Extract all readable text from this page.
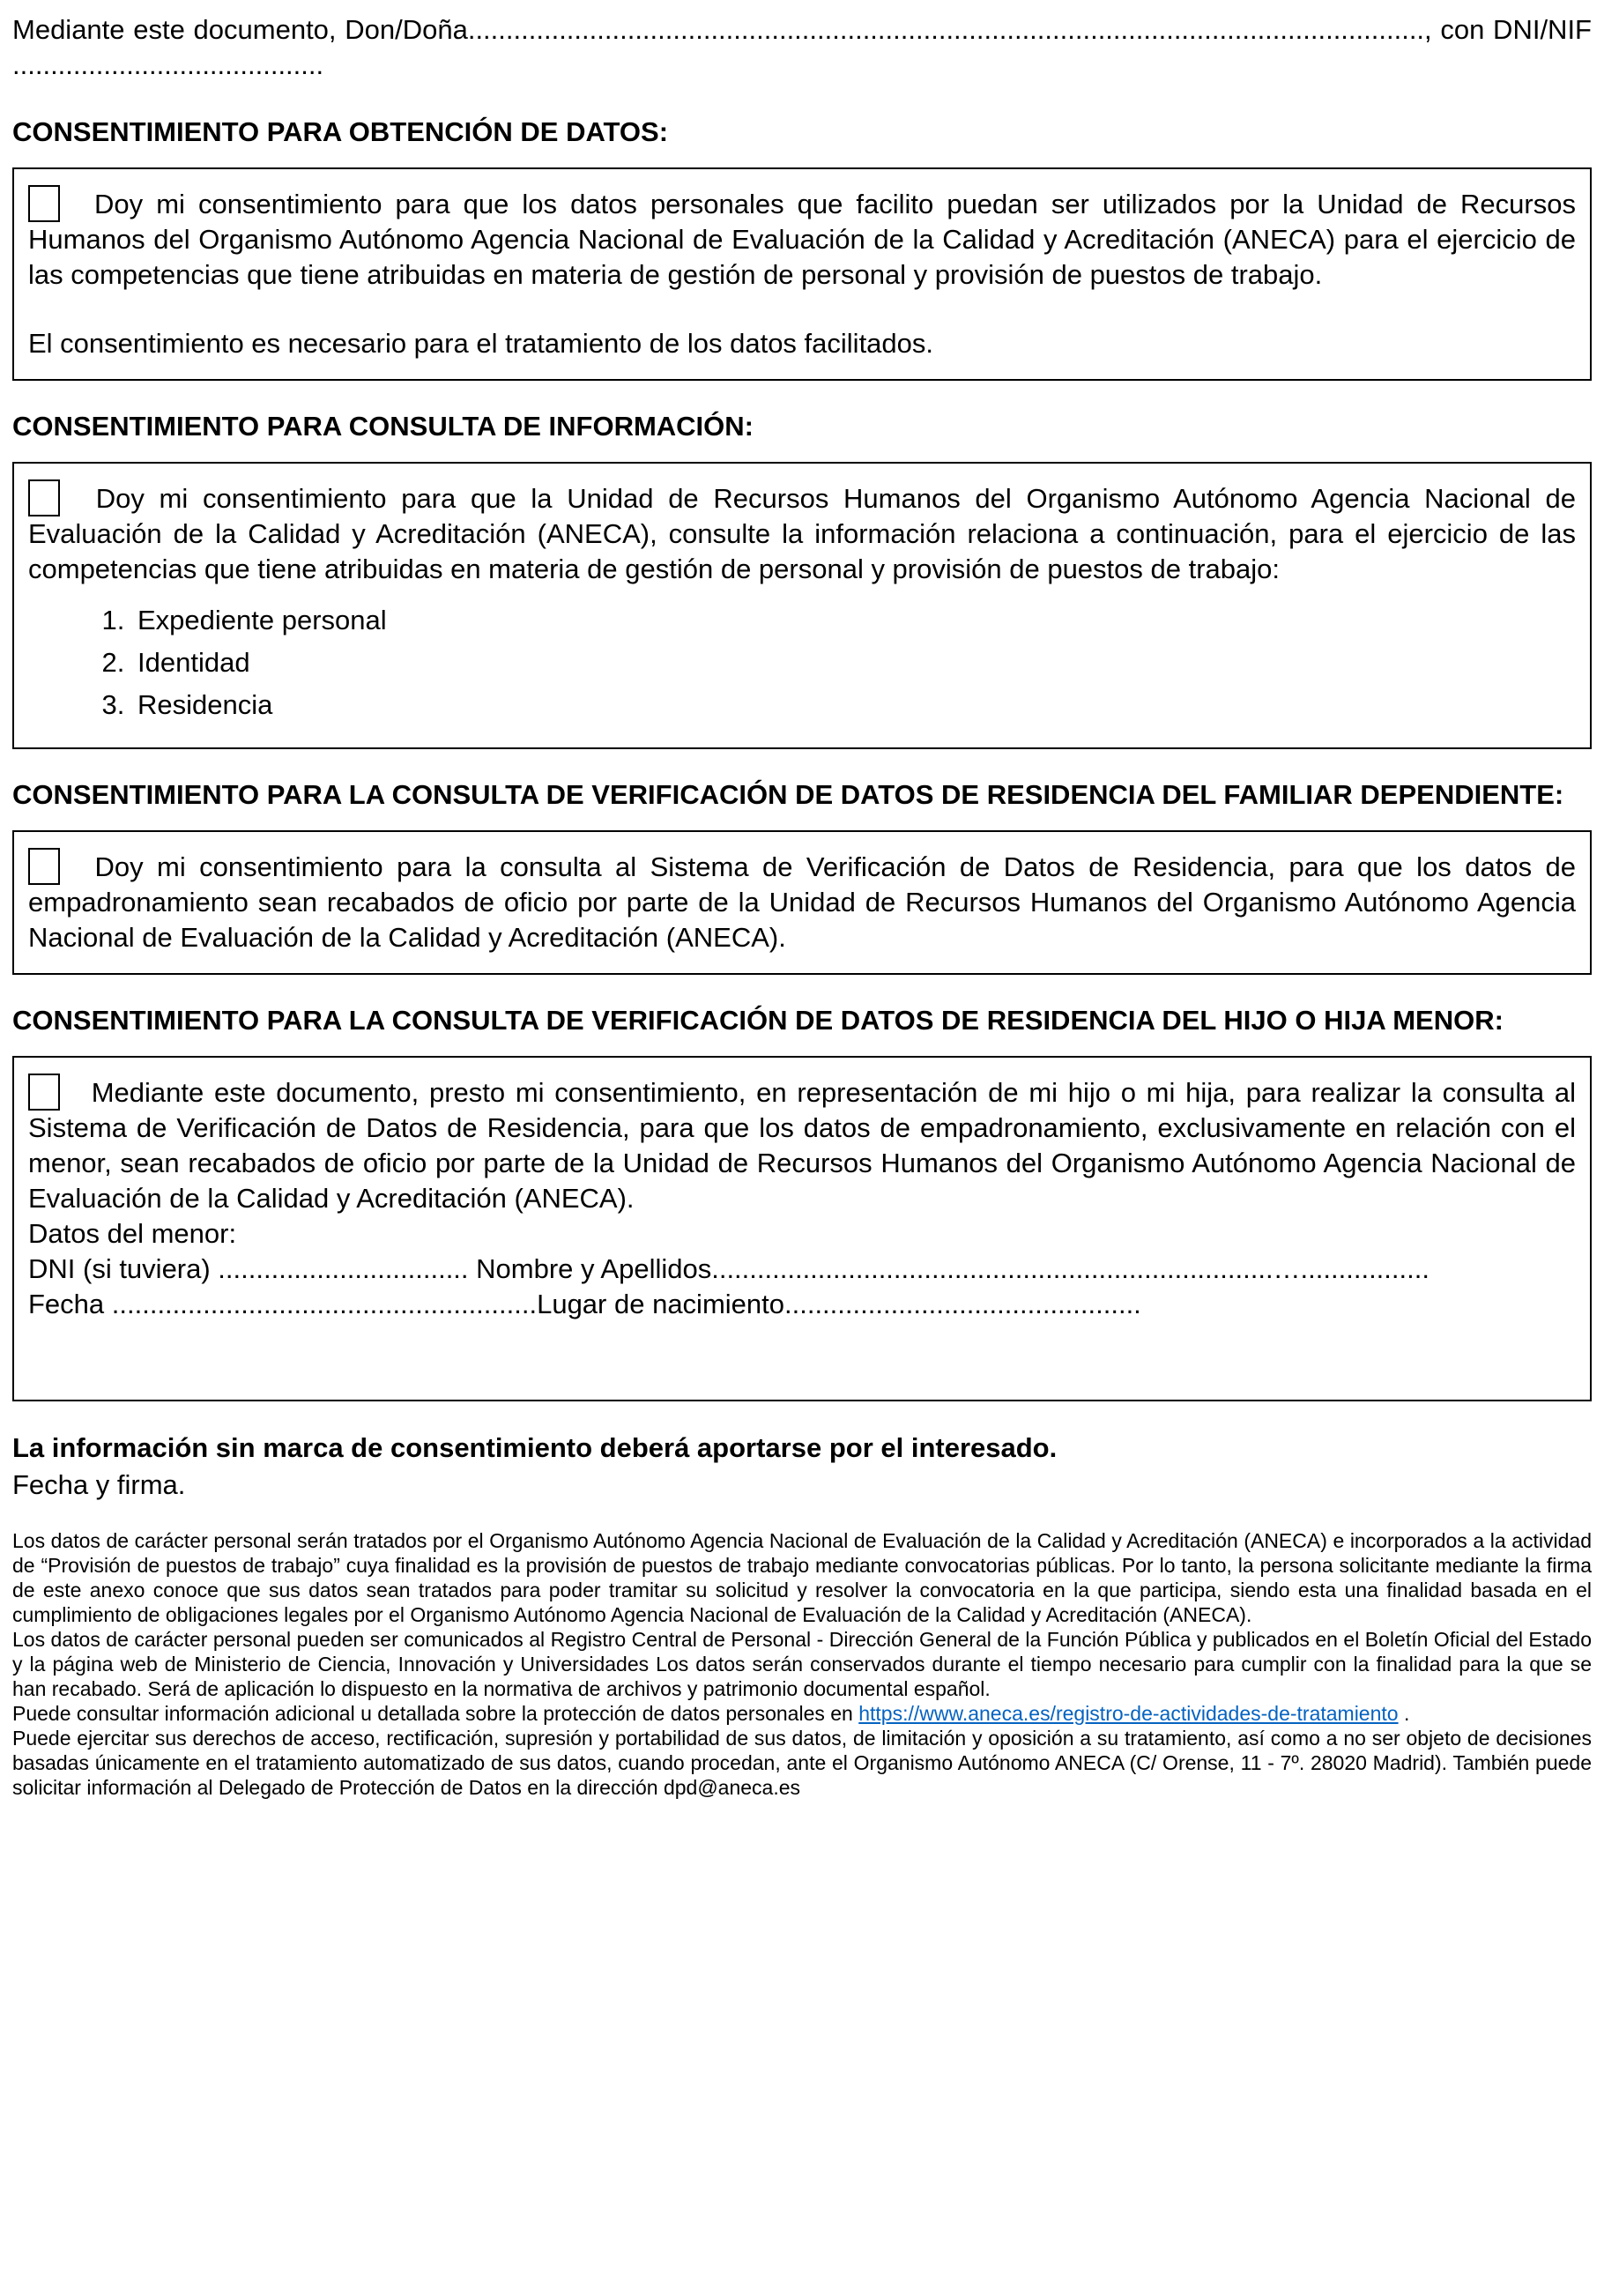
Mediante este documento, Don/Doña.............................................................................................................................., con DNI/NIF
.........................................

CONSENTIMIENTO PARA OBTENCIÓN DE DATOS:

Doy mi consentimiento para que los datos personales que facilito puedan ser utilizados por la Unidad de Recursos Humanos del Organismo Autónomo Agencia Nacional de Evaluación de la Calidad y Acreditación (ANECA) para el ejercicio de las competencias que tiene atribuidas en materia de gestión de personal y provisión de puestos de trabajo.

El consentimiento es necesario para el tratamiento de los datos facilitados.

CONSENTIMIENTO PARA CONSULTA DE INFORMACIÓN:

Doy mi consentimiento para que la Unidad de Recursos Humanos del Organismo Autónomo Agencia Nacional de Evaluación de la Calidad y Acreditación (ANECA), consulte la información relaciona a continuación, para el ejercicio de las competencias que tiene atribuidas en materia de gestión de personal y provisión de puestos de trabajo:

1. Expediente personal
2. Identidad
3. Residencia
CONSENTIMIENTO PARA LA CONSULTA DE VERIFICACIÓN DE DATOS DE RESIDENCIA DEL FAMILIAR DEPENDIENTE:

Doy mi consentimiento para la consulta al Sistema de Verificación de Datos de Residencia, para que los datos de empadronamiento sean recabados de oficio por parte de la Unidad de Recursos Humanos del Organismo Autónomo Agencia Nacional de Evaluación de la Calidad y Acreditación (ANECA).

CONSENTIMIENTO PARA LA CONSULTA DE VERIFICACIÓN DE DATOS DE RESIDENCIA DEL HIJO O HIJA MENOR:

Mediante este documento, presto mi consentimiento, en representación de mi hijo o mi hija, para realizar la consulta al Sistema de Verificación de Datos de Residencia, para que los datos de empadronamiento, exclusivamente en relación con el menor, sean recabados de oficio por parte de la Unidad de Recursos Humanos del Organismo Autónomo Agencia Nacional de Evaluación de la Calidad y Acreditación (ANECA).

Datos del menor:

DNI (si tuviera) ................................. Nombre y Apellidos..........................................................................….................

Fecha ........................................................Lugar de nacimiento...............................................

La información sin marca de consentimiento deberá aportarse por el interesado.

Fecha y firma.

Los datos de carácter personal serán tratados por el Organismo Autónomo Agencia Nacional de Evaluación de la Calidad y Acreditación (ANECA) e incorporados a la actividad de “Provisión de puestos de trabajo” cuya finalidad es la provisión de puestos de trabajo mediante convocatorias públicas. Por lo tanto, la persona solicitante mediante la firma de este anexo conoce que sus datos sean tratados para poder tramitar su solicitud y resolver la convocatoria en la que participa, siendo esta una finalidad basada en el cumplimiento de obligaciones legales por el Organismo Autónomo Agencia Nacional de Evaluación de la Calidad y Acreditación (ANECA).

Los datos de carácter personal pueden ser comunicados al Registro Central de Personal - Dirección General de la Función Pública y publicados en el Boletín Oficial del Estado y la página web de Ministerio de Ciencia, Innovación y Universidades Los datos serán conservados durante el tiempo necesario para cumplir con la finalidad para la que se han recabado. Será de aplicación lo dispuesto en la normativa de archivos y patrimonio documental español.

Puede consultar información adicional u detallada sobre la protección de datos personales en https://www.aneca.es/registro-de-actividades-de-tratamiento .

Puede ejercitar sus derechos de acceso, rectificación, supresión y portabilidad de sus datos, de limitación y oposición a su tratamiento, así como a no ser objeto de decisiones basadas únicamente en el tratamiento automatizado de sus datos, cuando procedan, ante el Organismo Autónomo ANECA (C/ Orense, 11 - 7º. 28020 Madrid). También puede solicitar información al Delegado de Protección de Datos en la dirección dpd@aneca.es
